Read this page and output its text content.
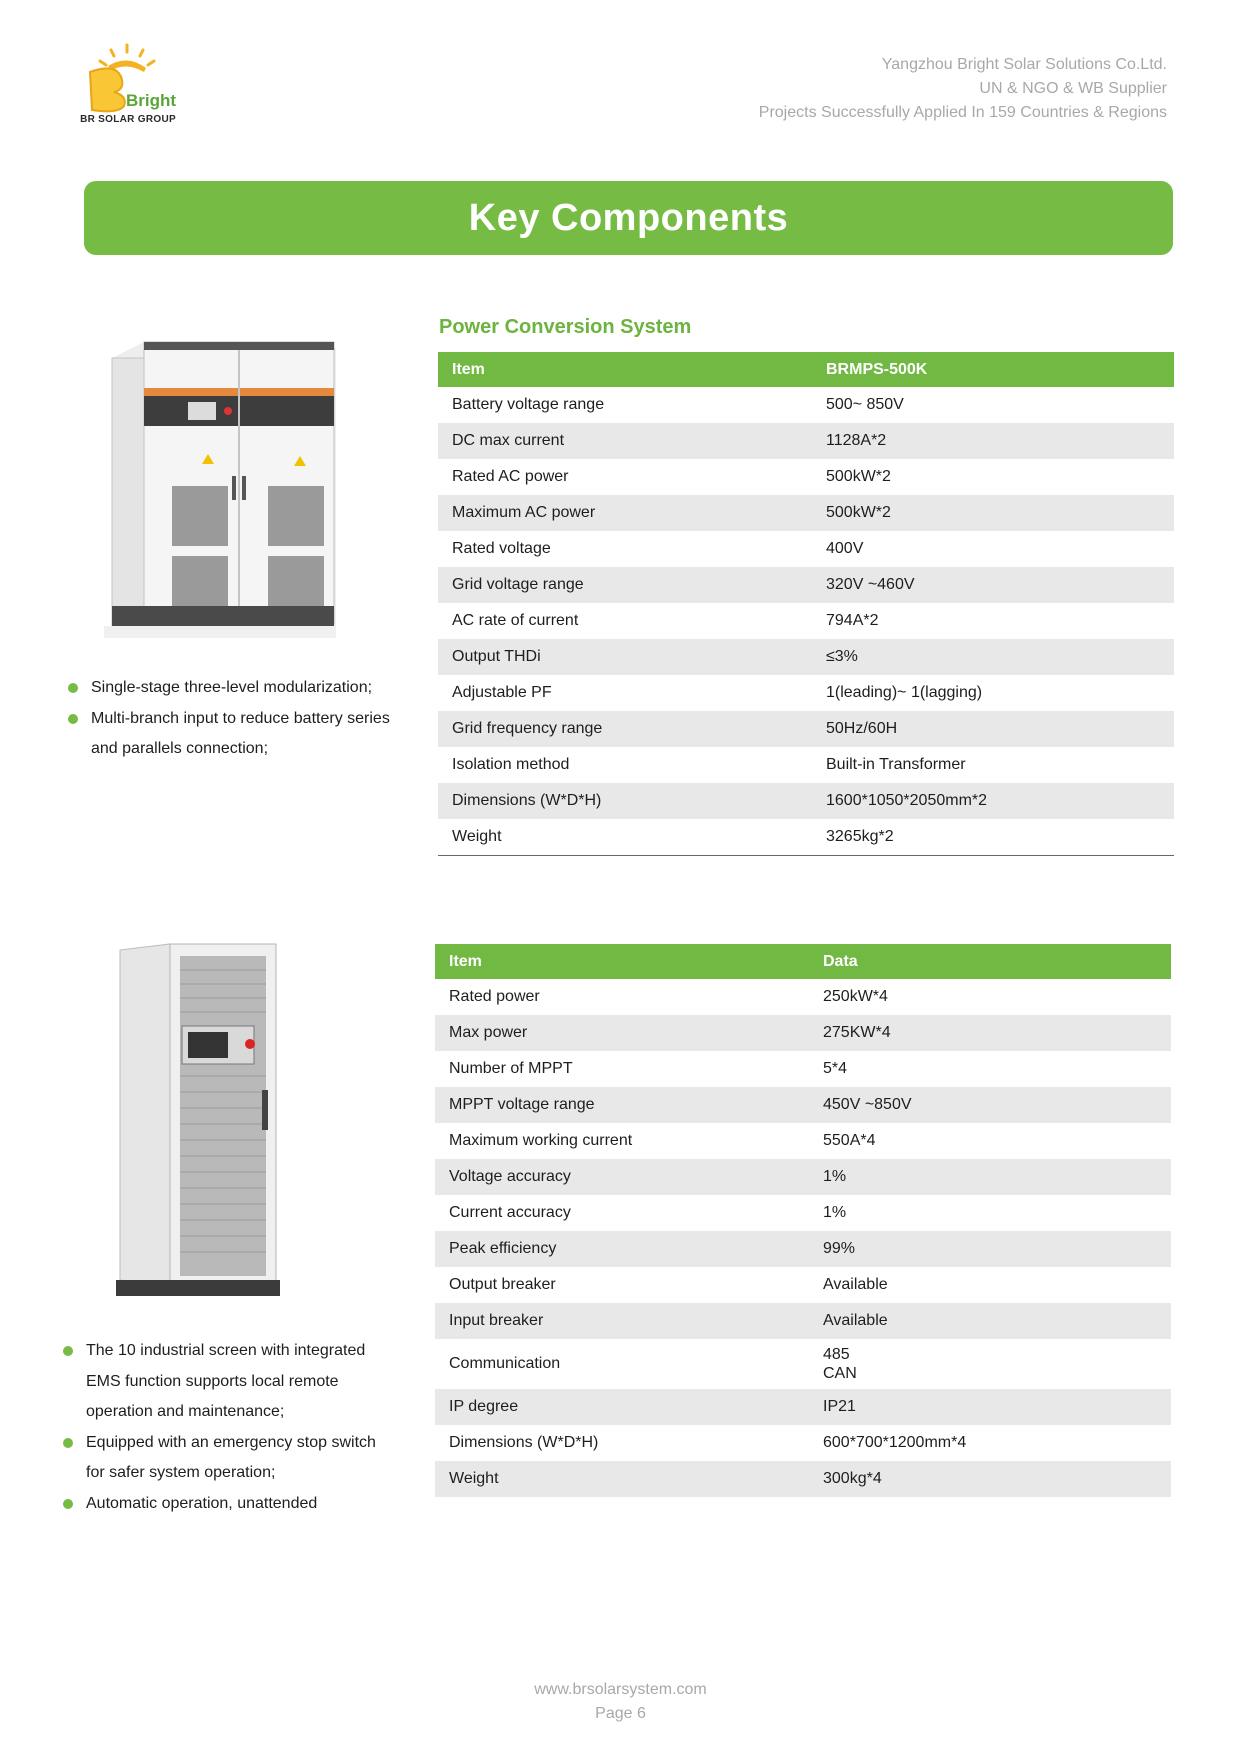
Bright
BR SOLAR GROUP
Yangzhou Bright Solar Solutions Co.Ltd.
UN & NGO & WB Supplier
Projects Successfully Applied In 159 Countries & Regions
Key Components
Power Conversion System
Item	BRMPS-500K
Battery voltage range	500~ 850V
DC max current	1128A*2
Rated AC power	500kW*2
Maximum AC power	500kW*2
Rated voltage	400V
Grid voltage range	320V ~460V
AC rate of current	794A*2
Output THDi	≤3%
Adjustable PF	1(leading)~ 1(lagging)
Grid frequency range	50Hz/60H
Isolation method	Built-in Transformer
Dimensions (W*D*H)	1600*1050*2050mm*2
Weight	3265kg*2
Single-stage three-level modularization;
Multi-branch input to reduce battery series and parallels connection;
Item	Data
Rated power	250kW*4
Max power	275KW*4
Number of MPPT	5*4
MPPT voltage range	450V ~850V
Maximum working current	550A*4
Voltage accuracy	1%
Current accuracy	1%
Peak efficiency	99%
Output breaker	Available
Input breaker	Available
Communication	485
CAN

IP degree	IP21
Dimensions (W*D*H)	600*700*1200mm*4
Weight	300kg*4
The 10 industrial screen with integrated EMS function supports local remote operation and maintenance;
Equipped with an emergency stop switch for safer system operation;
Automatic operation, unattended
www.brsolarsystem.com
Page 6
